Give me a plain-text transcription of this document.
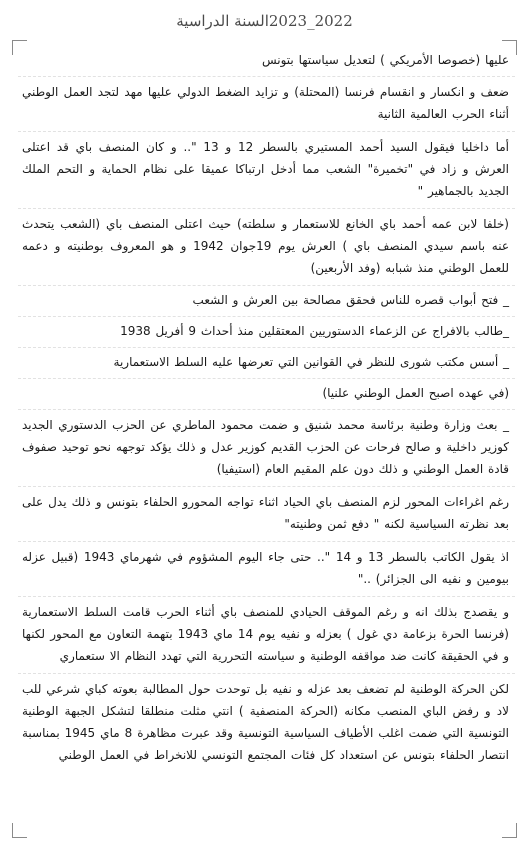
2022_2023السنة الدراسية

عليها (خصوصا الأمريكي ) لتعديل سياستها بتونس

ضعف و انكسار و انقسام فرنسا (المحتلة) و تزايد الضغط الدولي عليها مهد لتجد العمل الوطني أثناء الحرب العالمية الثانية

أما داخليا فيقول السيد أحمد المستيري بالسطر 12 و 13 ".. و كان المنصف باي قد اعتلى العرش و زاد في "تخميرة" الشعب مما أدخل ارتباكا عميقا على نظام الحماية و التحم الملك الجديد بالجماهير "

(خلفا لابن عمه أحمد باي الخانع للاستعمار و سلطته) حيث اعتلى المنصف باي (الشعب يتحدث عنه باسم سيدي المنصف باي ) العرش يوم 19جوان 1942 و هو المعروف بوطنيته و دعمه للعمل الوطني منذ شبابه (وفد الأربعين)

_ فتح أبواب قصره للناس فحقق مصالحة بين العرش و الشعب

_طالب بالافراج عن الزعماء الدستوريين المعتقلين منذ أحداث 9 أفريل 1938

_ أسس مكتب شورى للنظر في القوانين التي تعرضها عليه السلط الاستعمارية

(في عهده اصبح العمل الوطني علنيا)

_ بعث وزارة وطنية برئاسة محمد شنيق و ضمت محمود الماطري عن الحزب الدستوري الجديد كوزير داخلية و صالح فرحات عن الحزب القديم كوزير عدل و ذلك يؤكد توجهه نحو توحيد صفوف قادة العمل الوطني و ذلك دون علم المقيم العام (استيفيا)

رغم اغراءات المحور لزم المنصف باي الحياد اثناء تواجه المحورو الحلفاء بتونس و ذلك يدل على بعد نظرته السياسية لكنه " دفع ثمن وطنيته"

اذ يقول الكاتب بالسطر 13 و 14 ".. حتى جاء اليوم المشؤوم في شهرماي 1943 (قبيل عزله بيومين و نفيه الى الجزائر) .."

و يقصدج بذلك انه و رغم الموقف الحيادي للمنصف باي أثناء الحرب قامت السلط الاستعمارية (فرنسا الحرة بزعامة دي غول ) بعزله و نفيه يوم 14 ماي 1943 بتهمة التعاون مع المحور لكنها و في الحقيقة كانت ضد مواقفه الوطنية و سياسته التحررية التي تهدد النظام الا ستعماري

لكن الحركة الوطنية لم تضعف بعد عزله و نفيه بل توحدت حول المطالبة بعوته كباي شرعي للب لاد و رفض الباي المنصب مكانه (الحركة المنصفية ) انتي مثلت منطلقا لتشكل الجبهة الوطنية التونسية التي ضمت اغلب الأطياف السياسية التونسية وقد عبرت مظاهرة 8 ماي 1945 بمناسبة انتصار الحلفاء بتونس عن استعداد كل فئات المجتمع التونسي للانخراط في العمل الوطني
